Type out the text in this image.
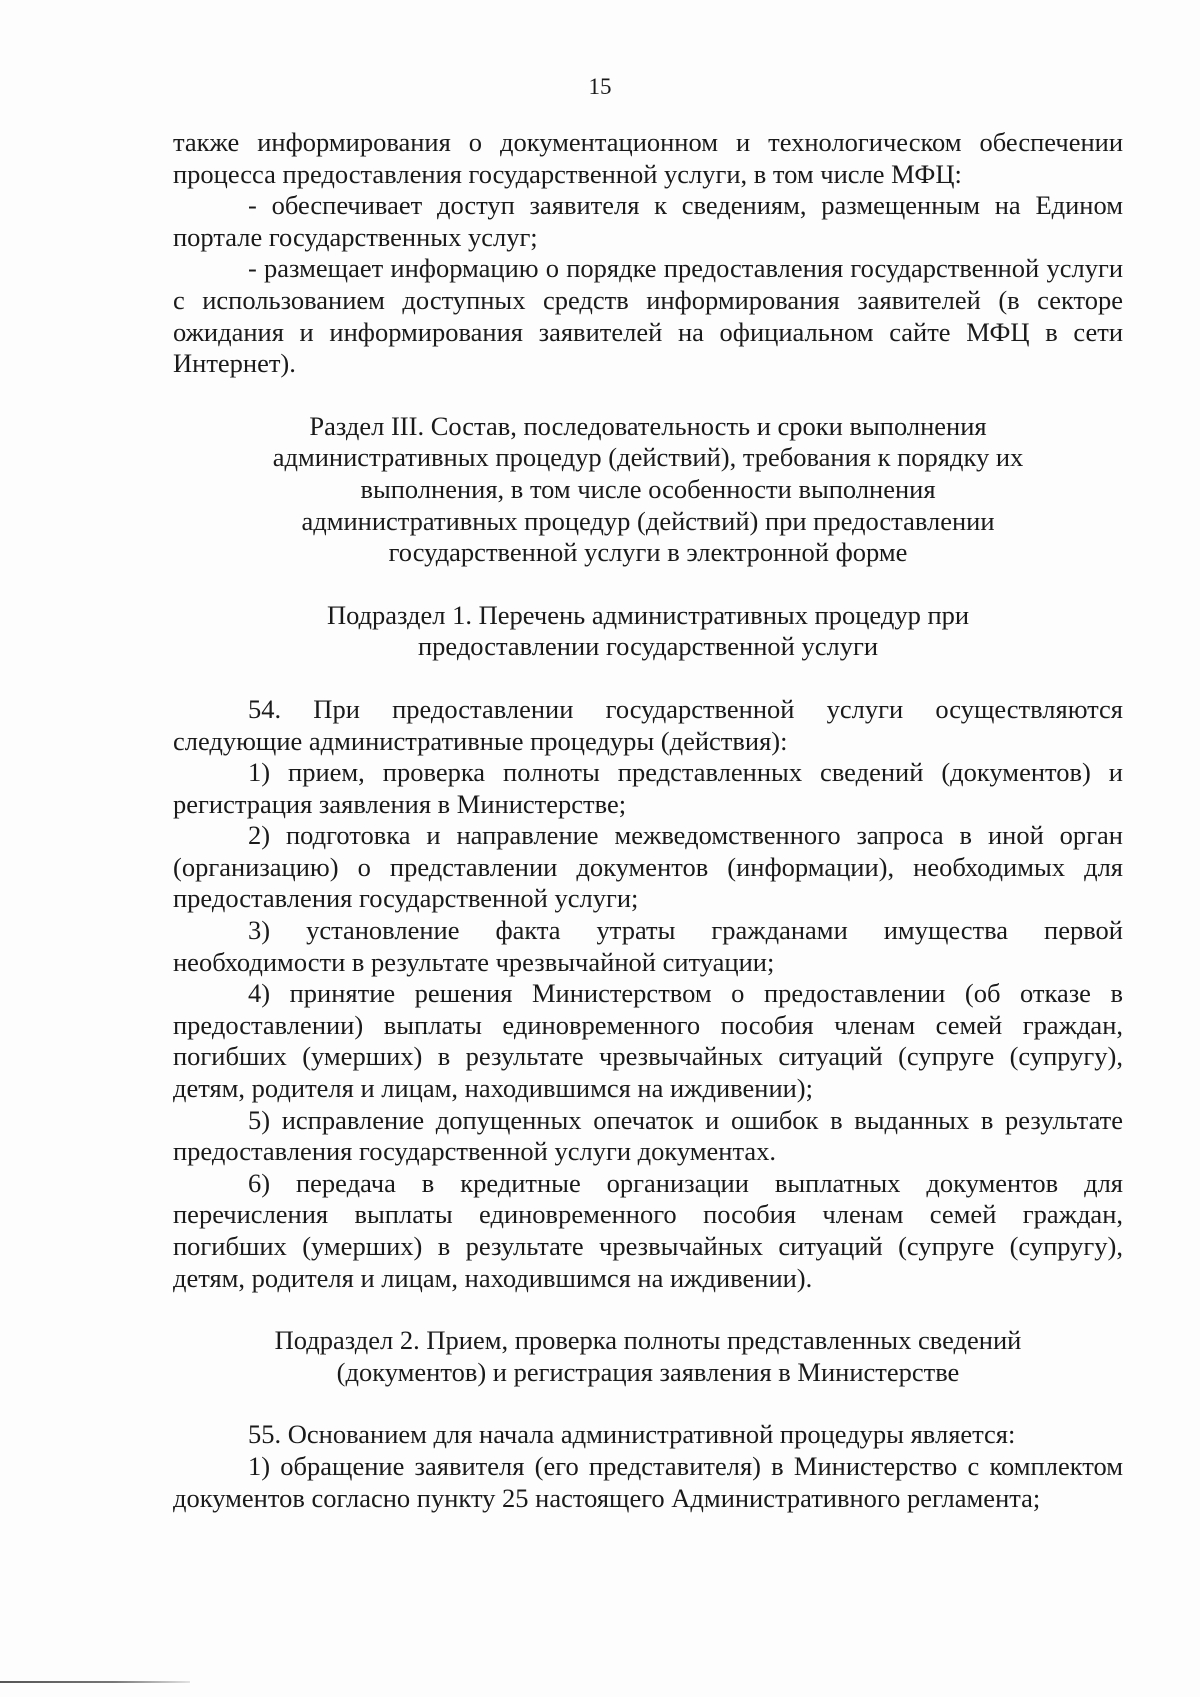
15

также информирования о документационном и технологическом обеспечении процесса предоставления государственной услуги, в том числе МФЦ:

- обеспечивает доступ заявителя к сведениям, размещенным на Едином портале государственных услуг;

- размещает информацию о порядке предоставления государственной услуги с использованием доступных средств информирования заявителей (в секторе ожидания и информирования заявителей на официальном сайте МФЦ в сети Интернет).

Раздел III. Состав, последовательность и сроки выполнения административных процедур (действий), требования к порядку их выполнения, в том числе особенности выполнения административных процедур (действий) при предоставлении государственной услуги в электронной форме

Подраздел 1. Перечень административных процедур при предоставлении государственной услуги

54. При предоставлении государственной услуги осуществляются следующие административные процедуры (действия):

1) прием, проверка полноты представленных сведений (документов) и регистрация заявления в Министерстве;

2) подготовка и направление межведомственного запроса в иной орган (организацию) о представлении документов (информации), необходимых для предоставления государственной услуги;

3) установление факта утраты гражданами имущества первой необходимости в результате чрезвычайной ситуации;

4) принятие решения Министерством о предоставлении (об отказе в предоставлении) выплаты единовременного пособия членам семей граждан, погибших (умерших) в результате чрезвычайных ситуаций (супруге (супругу), детям, родителя и лицам, находившимся на иждивении);

5) исправление допущенных опечаток и ошибок в выданных в результате предоставления государственной услуги документах.

6) передача в кредитные организации выплатных документов для перечисления выплаты единовременного пособия членам семей граждан, погибших (умерших) в результате чрезвычайных ситуаций (супруге (супругу), детям, родителя и лицам, находившимся на иждивении).

Подраздел 2. Прием, проверка полноты представленных сведений (документов) и регистрация заявления в Министерстве

55. Основанием для начала административной процедуры является:

1) обращение заявителя (его представителя) в Министерство с комплектом документов согласно пункту 25 настоящего Административного регламента;
